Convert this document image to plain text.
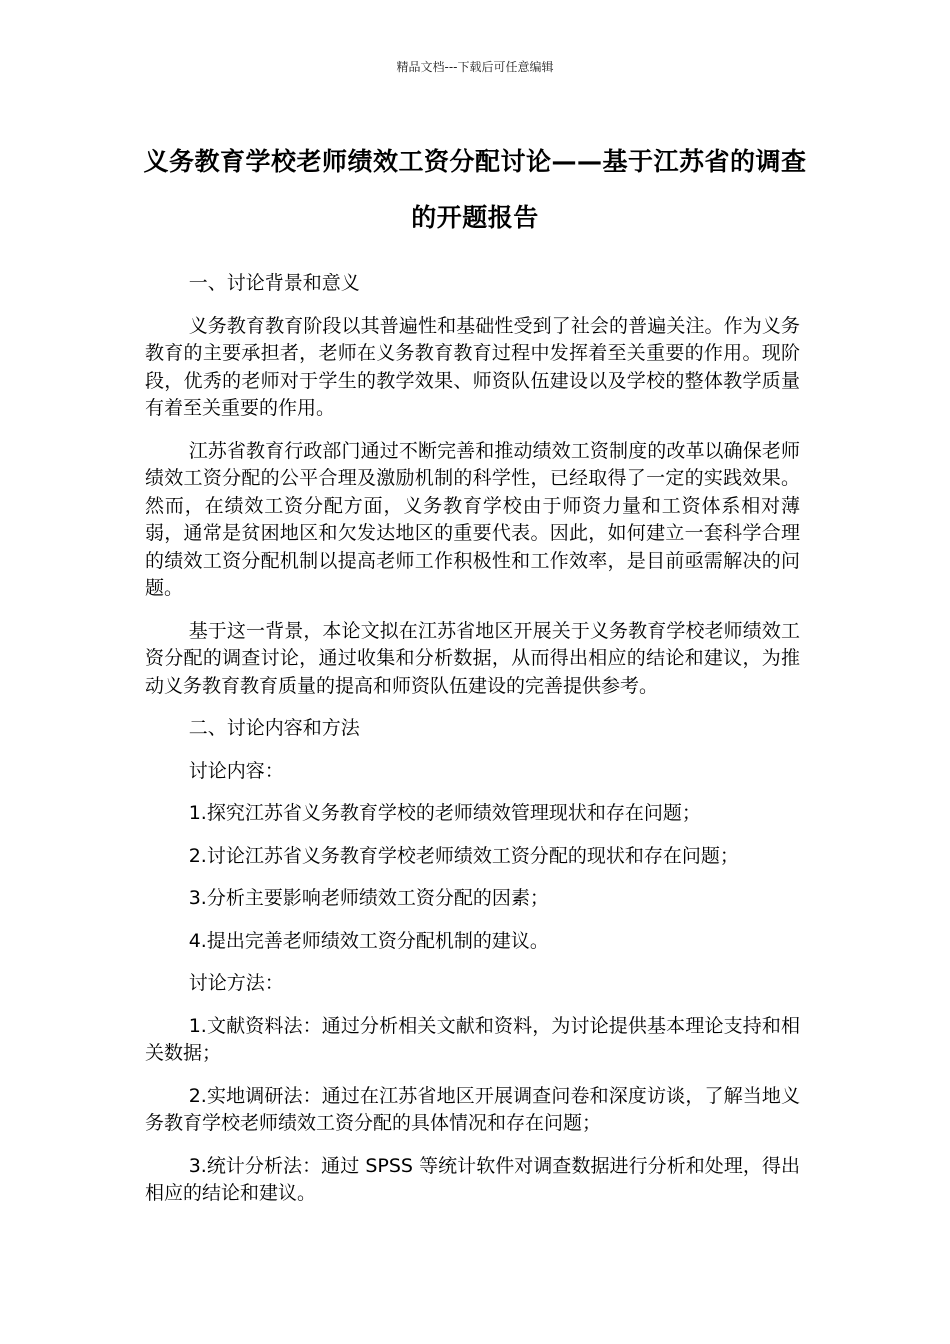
精品文档---下载后可任意编辑
义务教育学校老师绩效工资分配讨论——基于江苏省的调查的开题报告

一、讨论背景和意义

义务教育教育阶段以其普遍性和基础性受到了社会的普遍关注。作为义务教育的主要承担者，老师在义务教育教育过程中发挥着至关重要的作用。现阶段，优秀的老师对于学生的教学效果、师资队伍建设以及学校的整体教学质量有着至关重要的作用。

江苏省教育行政部门通过不断完善和推动绩效工资制度的改革以确保老师绩效工资分配的公平合理及激励机制的科学性，已经取得了一定的实践效果。然而，在绩效工资分配方面，义务教育学校由于师资力量和工资体系相对薄弱，通常是贫困地区和欠发达地区的重要代表。因此，如何建立一套科学合理的绩效工资分配机制以提高老师工作积极性和工作效率，是目前亟需解决的问题。

基于这一背景，本论文拟在江苏省地区开展关于义务教育学校老师绩效工资分配的调查讨论，通过收集和分析数据，从而得出相应的结论和建议，为推动义务教育教育质量的提高和师资队伍建设的完善提供参考。

二、讨论内容和方法

讨论内容：

1.探究江苏省义务教育学校的老师绩效管理现状和存在问题；

2.讨论江苏省义务教育学校老师绩效工资分配的现状和存在问题；

3.分析主要影响老师绩效工资分配的因素；

4.提出完善老师绩效工资分配机制的建议。

讨论方法：

1.文献资料法：通过分析相关文献和资料，为讨论提供基本理论支持和相关数据；

2.实地调研法：通过在江苏省地区开展调查问卷和深度访谈，了解当地义务教育学校老师绩效工资分配的具体情况和存在问题；

3.统计分析法：通过 SPSS 等统计软件对调查数据进行分析和处理，得出相应的结论和建议。
